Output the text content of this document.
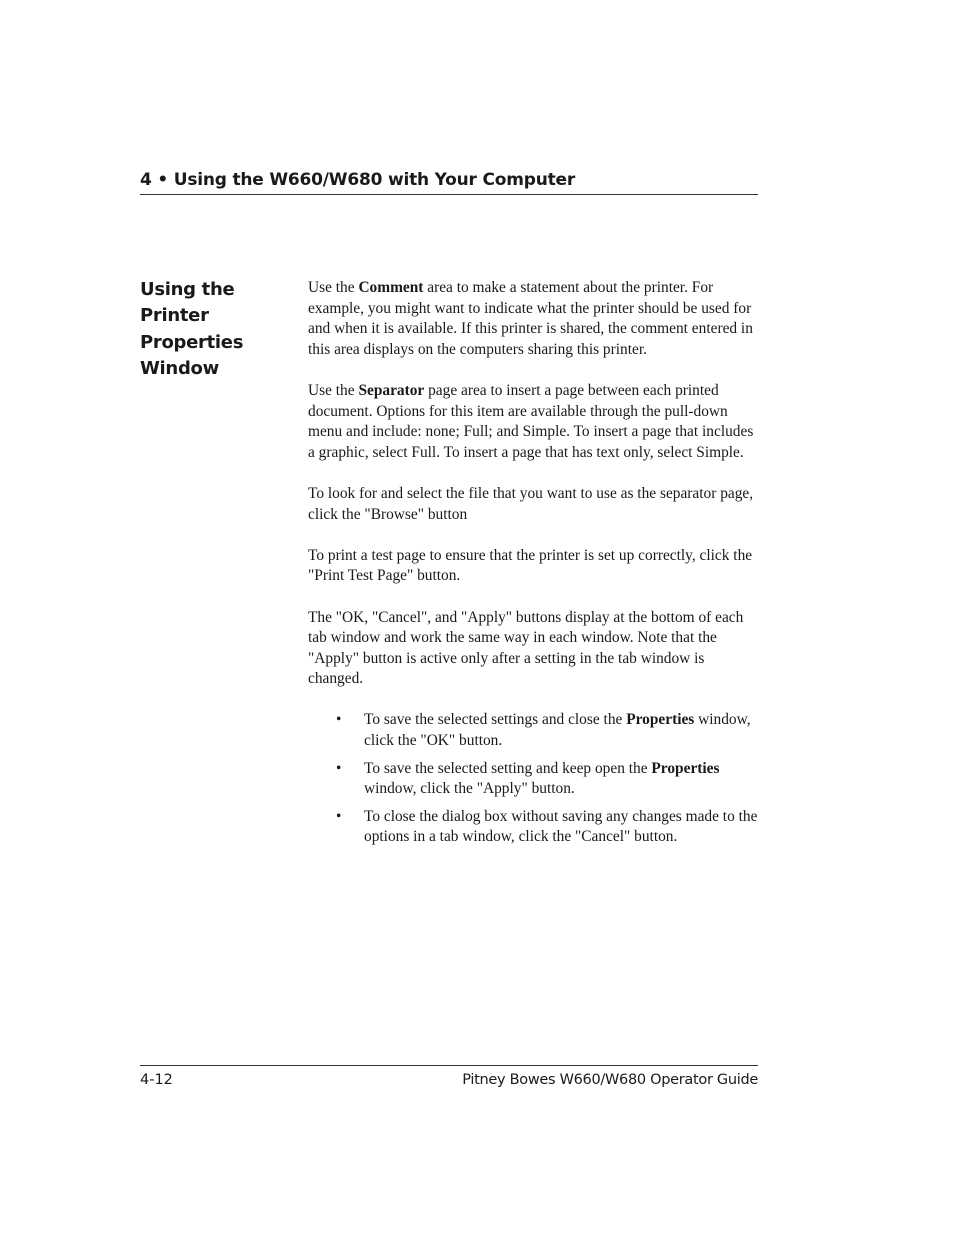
4 • Using the W660/W680 with Your Computer
Using the
Printer
Properties
Window

Use the Comment area to make a statement about the printer. For example, you might want to indicate what the printer should be used for and when it is available. If this printer is shared, the comment entered in this area displays on the computers sharing this printer.

Use the Separator page area to insert a page between each printed document. Options for this item are available through the pull-down menu and include: none; Full; and Simple. To insert a page that includes a graphic, select Full. To insert a page that has text only, select Simple.

To look for and select the file that you want to use as the separator page, click the "Browse" button

To print a test page to ensure that the printer is set up correctly, click the "Print Test Page" button.

The "OK, "Cancel", and "Apply" buttons display at the bottom of each tab window and work the same way in each window. Note that the "Apply" button is active only after a setting in the tab window is changed.

• To save the selected settings and close the Properties window, click the "OK" button.
• To save the selected setting and keep open the Properties window, click the "Apply" button.
• To close the dialog box without saving any changes made to the options in a tab window, click the "Cancel" button.
4-12	Pitney Bowes W660/W680 Operator Guide
